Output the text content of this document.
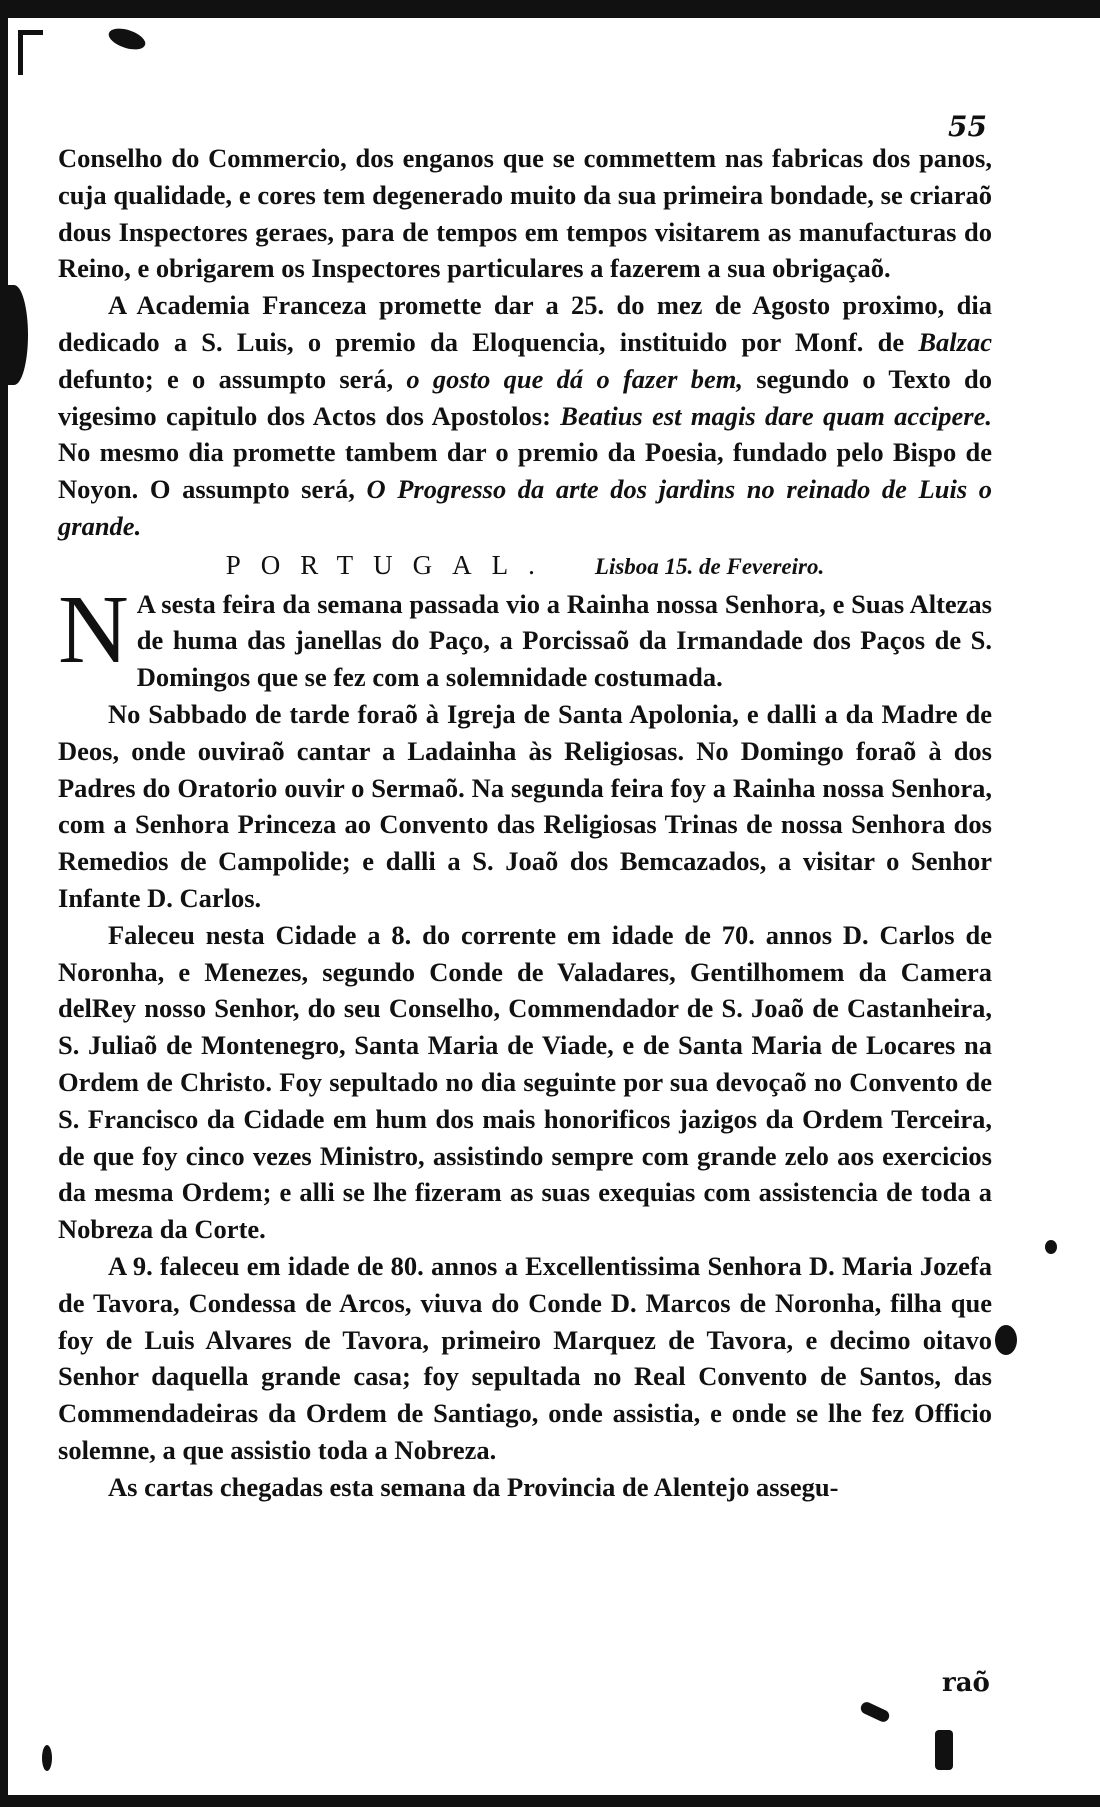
55

Conselho do Commercio, dos enganos que se commettem nas fabricas dos panos, cuja qualidade, e cores tem degenerado muito da sua primeira bondade, se criaraõ dous Inspectores geraes, para de tempos em tempos visitarem as manufacturas do Reino, e obrigarem os Inspectores particulares a fazerem a sua obrigaçaõ.

A Academia Franceza promette dar a 25. do mez de Agosto proximo, dia dedicado a S. Luis, o premio da Eloquencia, instituido por Monf. de Balzac defunto; e o assumpto será, o gosto que dá o fazer bem, segundo o Texto do vigesimo capitulo dos Actos dos Apostolos: Beatius est magis dare quam accipere. No mesmo dia promette tambem dar o premio da Poesia, fundado pelo Bispo de Noyon. O assumpto será, O Progresso da arte dos jardins no reinado de Luis o grande.

PORTUGAL. Lisboa 15. de Fevereiro.

N A sesta feira da semana passada vio a Rainha nossa Senhora, e Suas Altezas de huma das janellas do Paço, a Porcissaõ da Irmandade dos Paços de S. Domingos que se fez com a solemnidade costumada.

No Sabbado de tarde foraõ à Igreja de Santa Apolonia, e dalli a da Madre de Deos, onde ouviraõ cantar a Ladainha às Religiosas. No Domingo foraõ à dos Padres do Oratorio ouvir o Sermaõ. Na segunda feira foy a Rainha nossa Senhora, com a Senhora Princeza ao Convento das Religiosas Trinas de nossa Senhora dos Remedios de Campolide; e dalli a S. Joaõ dos Bemcazados, a visitar o Senhor Infante D. Carlos.

Faleceu nesta Cidade a 8. do corrente em idade de 70. annos D. Carlos de Noronha, e Menezes, segundo Conde de Valadares, Gentilhomem da Camera delRey nosso Senhor, do seu Conselho, Commendador de S. Joaõ de Castanheira, S. Juliaõ de Montenegro, Santa Maria de Viade, e de Santa Maria de Locares na Ordem de Christo. Foy sepultado no dia seguinte por sua devoçaõ no Convento de S. Francisco da Cidade em hum dos mais honorificos jazigos da Ordem Terceira, de que foy cinco vezes Ministro, assistindo sempre com grande zelo aos exercicios da mesma Ordem; e alli se lhe fizeram as suas exequias com assistencia de toda a Nobreza da Corte.

A 9. faleceu em idade de 80. annos a Excellentissima Senhora D. Maria Jozefa de Tavora, Condessa de Arcos, viuva do Conde D. Marcos de Noronha, filha que foy de Luis Alvares de Tavora, primeiro Marquez de Tavora, e decimo oitavo Senhor daquella grande casa; foy sepultada no Real Convento de Santos, das Commendadeiras da Ordem de Santiago, onde assistia, e onde se lhe fez Officio solemne, a que assistio toda a Nobreza.

As cartas chegadas esta semana da Provincia de Alentejo assegu-

raõ
